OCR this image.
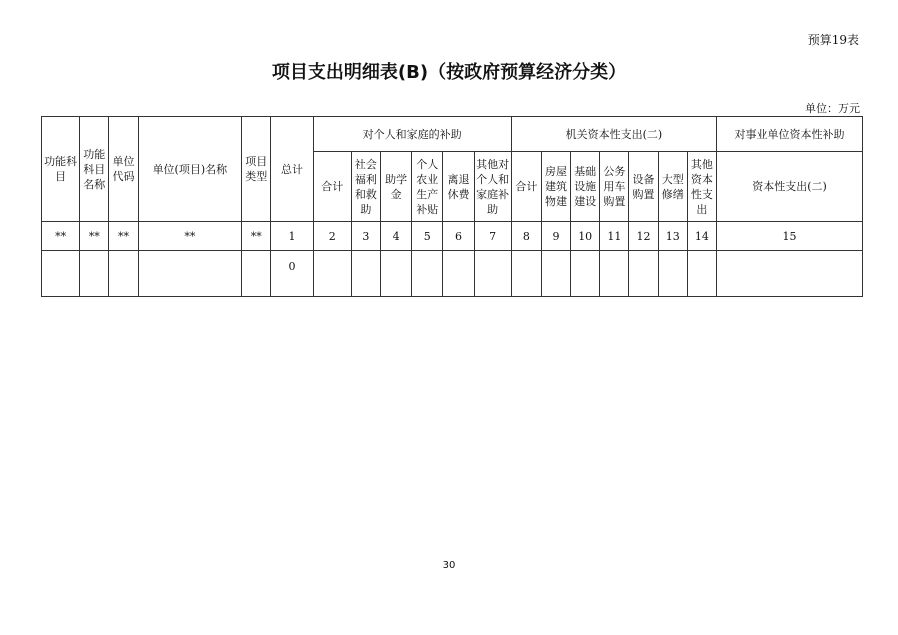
预算19表
项目支出明细表(B)（按政府预算经济分类）
单位：万元
功能科目	功能科目名称	单位代码	单位(项目)名称	项目类型	总计	对个人和家庭的补助						机关资本性支出(二)							对事业单位资本性补助
						合计	社会福利和救助	助学金	个人农业生产补贴	离退休费	其他对个人和家庭补助	合计	房屋建筑物建	基础设施建设	公务用车购置	设备购置	大型修缮	其他资本性支出	资本性支出(二)
**	**	**	**	**	1	2	3	4	5	6	7	8	9	10	11	12	13	14	15
					0														
30
